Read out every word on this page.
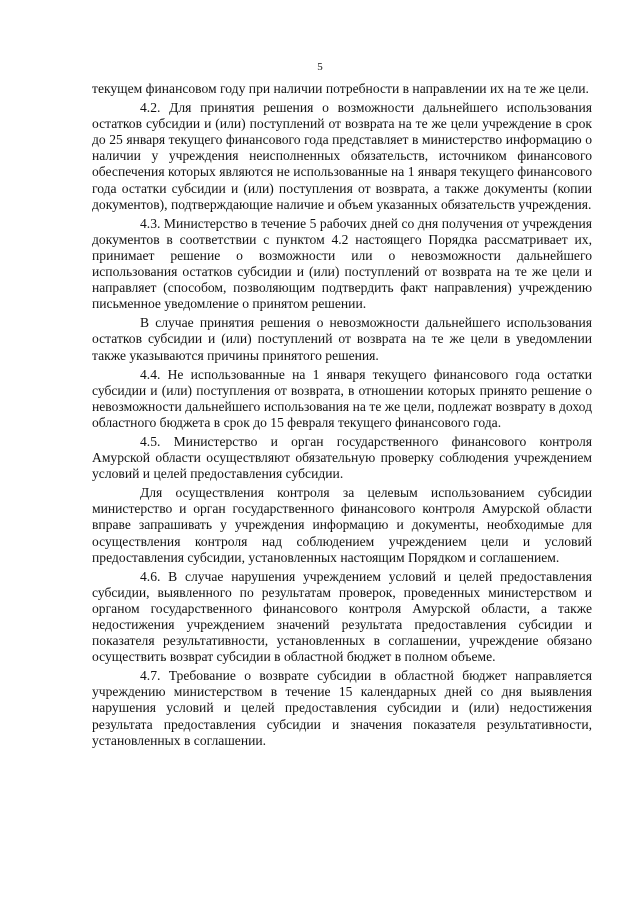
5

текущем финансовом году при наличии потребности в направлении их на те же цели.

4.2. Для принятия решения о возможности дальнейшего использования остатков субсидии и (или) поступлений от возврата на те же цели учреждение в срок до 25 января текущего финансового года представляет в министерство информацию о наличии у учреждения неисполненных обязательств, источником финансового обеспечения которых являются не использованные на 1 января текущего финансового года остатки субсидии и (или) поступления от возврата, а также документы (копии документов), подтверждающие наличие и объем указанных обязательств учреждения.

4.3. Министерство в течение 5 рабочих дней со дня получения от учреждения документов в соответствии с пунктом 4.2 настоящего Порядка рассматривает их, принимает решение о возможности или о невозможности дальнейшего использования остатков субсидии и (или) поступлений от возврата на те же цели и направляет (способом, позволяющим подтвердить факт направления) учреждению письменное уведомление о принятом решении.

В случае принятия решения о невозможности дальнейшего использования остатков субсидии и (или) поступлений от возврата на те же цели в уведомлении также указываются причины принятого решения.

4.4. Не использованные на 1 января текущего финансового года остатки субсидии и (или) поступления от возврата, в отношении которых принято решение о невозможности дальнейшего использования на те же цели, подлежат возврату в доход областного бюджета в срок до 15 февраля текущего финансового года.

4.5. Министерство и орган государственного финансового контроля Амурской области осуществляют обязательную проверку соблюдения учреждением условий и целей предоставления субсидии.

Для осуществления контроля за целевым использованием субсидии министерство и орган государственного финансового контроля Амурской области вправе запрашивать у учреждения информацию и документы, необходимые для осуществления контроля над соблюдением учреждением цели и условий предоставления субсидии, установленных настоящим Порядком и соглашением.

4.6. В случае нарушения учреждением условий и целей предоставления субсидии, выявленного по результатам проверок, проведенных министерством и органом государственного финансового контроля Амурской области, а также недостижения учреждением значений результата предоставления субсидии и показателя результативности, установленных в соглашении, учреждение обязано осуществить возврат субсидии в областной бюджет в полном объеме.

4.7. Требование о возврате субсидии в областной бюджет направляется учреждению министерством в течение 15 календарных дней со дня выявления нарушения условий и целей предоставления субсидии и (или) недостижения результата предоставления субсидии и значения показателя результативности, установленных в соглашении.
